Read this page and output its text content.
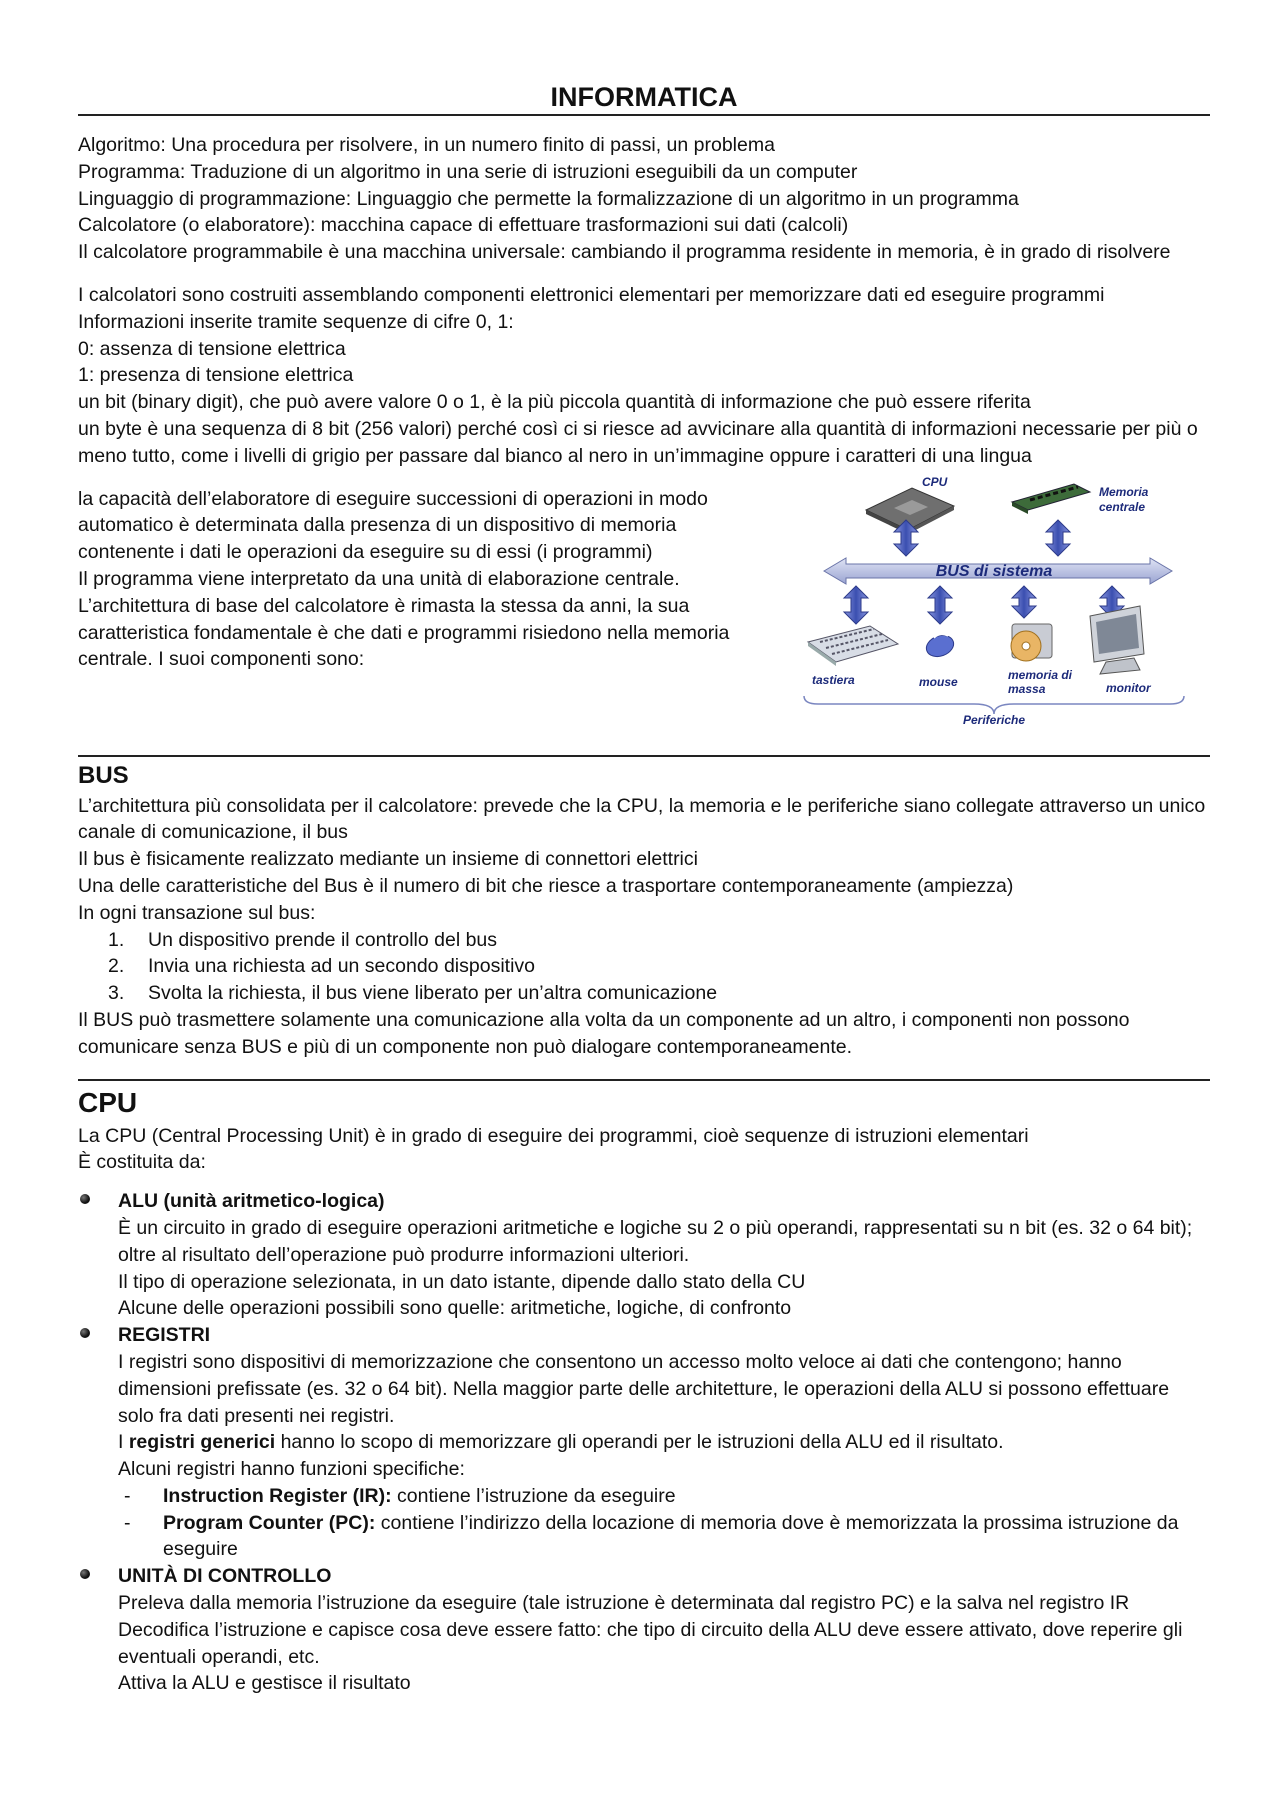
INFORMATICA

Algoritmo: Una procedura per risolvere, in un numero finito di passi, un problema

Programma: Traduzione di un algoritmo in una serie di istruzioni eseguibili da un computer

Linguaggio di programmazione: Linguaggio che permette la formalizzazione di un algoritmo in un programma

Calcolatore (o elaboratore): macchina capace di effettuare trasformazioni sui dati (calcoli)

Il calcolatore programmabile è una macchina universale: cambiando il programma residente in memoria, è in grado di risolvere

I calcolatori sono costruiti assemblando componenti elettronici elementari per memorizzare dati ed eseguire programmi Informazioni inserite tramite sequenze di cifre 0, 1:

0: assenza di tensione elettrica

1: presenza di tensione elettrica

un bit (binary digit), che può avere valore 0 o 1, è la più piccola quantità di informazione che può essere riferita

un byte è una sequenza di 8 bit (256 valori) perché così ci si riesce ad avvicinare alla quantità di informazioni necessarie per più o meno tutto, come i livelli di grigio per passare dal bianco al nero in un’immagine oppure i caratteri di una lingua

la capacità dell’elaboratore di eseguire successioni di operazioni in modo automatico è determinata dalla presenza di un dispositivo di memoria contenente i dati le operazioni da eseguire su di essi (i programmi)

Il programma viene interpretato da una unità di elaborazione centrale. L’architettura di base del calcolatore è rimasta la stessa da anni, la sua caratteristica fondamentale è che dati e programmi risiedono nella memoria centrale. I suoi componenti sono:

CPU
Memoria
centrale
BUS di sistema
tastiera	mouse	memoria di
massa	monitor
Periferiche
BUS

L’architettura più consolidata per il calcolatore: prevede che la CPU, la memoria e le periferiche siano collegate attraverso un unico canale di comunicazione, il bus

Il bus è fisicamente realizzato mediante un insieme di connettori elettrici

Una delle caratteristiche del Bus è il numero di bit che riesce a trasportare contemporaneamente (ampiezza)

In ogni transazione sul bus:

1. Un dispositivo prende il controllo del bus
2. Invia una richiesta ad un secondo dispositivo
3. Svolta la richiesta, il bus viene liberato per un’altra comunicazione

Il BUS può trasmettere solamente una comunicazione alla volta da un componente ad un altro, i componenti non possono comunicare senza BUS e più di un componente non può dialogare contemporaneamente.

CPU

La CPU (Central Processing Unit) è in grado di eseguire dei programmi, cioè sequenze di istruzioni elementari

È costituita da:

ALU (unità aritmetico-logica)

È un circuito in grado di eseguire operazioni aritmetiche e logiche su 2 o più operandi, rappresentati su n bit (es. 32 o 64 bit); oltre al risultato dell’operazione può produrre informazioni ulteriori.

Il tipo di operazione selezionata, in un dato istante, dipende dallo stato della CU

Alcune delle operazioni possibili sono quelle: aritmetiche, logiche, di confronto

REGISTRI

I registri sono dispositivi di memorizzazione che consentono un accesso molto veloce ai dati che contengono; hanno dimensioni prefissate (es. 32 o 64 bit). Nella maggior parte delle architetture, le operazioni della ALU si possono effettuare solo fra dati presenti nei registri.

I registri generici hanno lo scopo di memorizzare gli operandi per le istruzioni della ALU ed il risultato.

Alcuni registri hanno funzioni specifiche:

- Instruction Register (IR): contiene l’istruzione da eseguire

- Program Counter (PC): contiene l’indirizzo della locazione di memoria dove è memorizzata la prossima istruzione da eseguire

UNITÀ DI CONTROLLO

Preleva dalla memoria l’istruzione da eseguire (tale istruzione è determinata dal registro PC) e la salva nel registro IR Decodifica l’istruzione e capisce cosa deve essere fatto: che tipo di circuito della ALU deve essere attivato, dove reperire gli eventuali operandi, etc.

Attiva la ALU e gestisce il risultato
